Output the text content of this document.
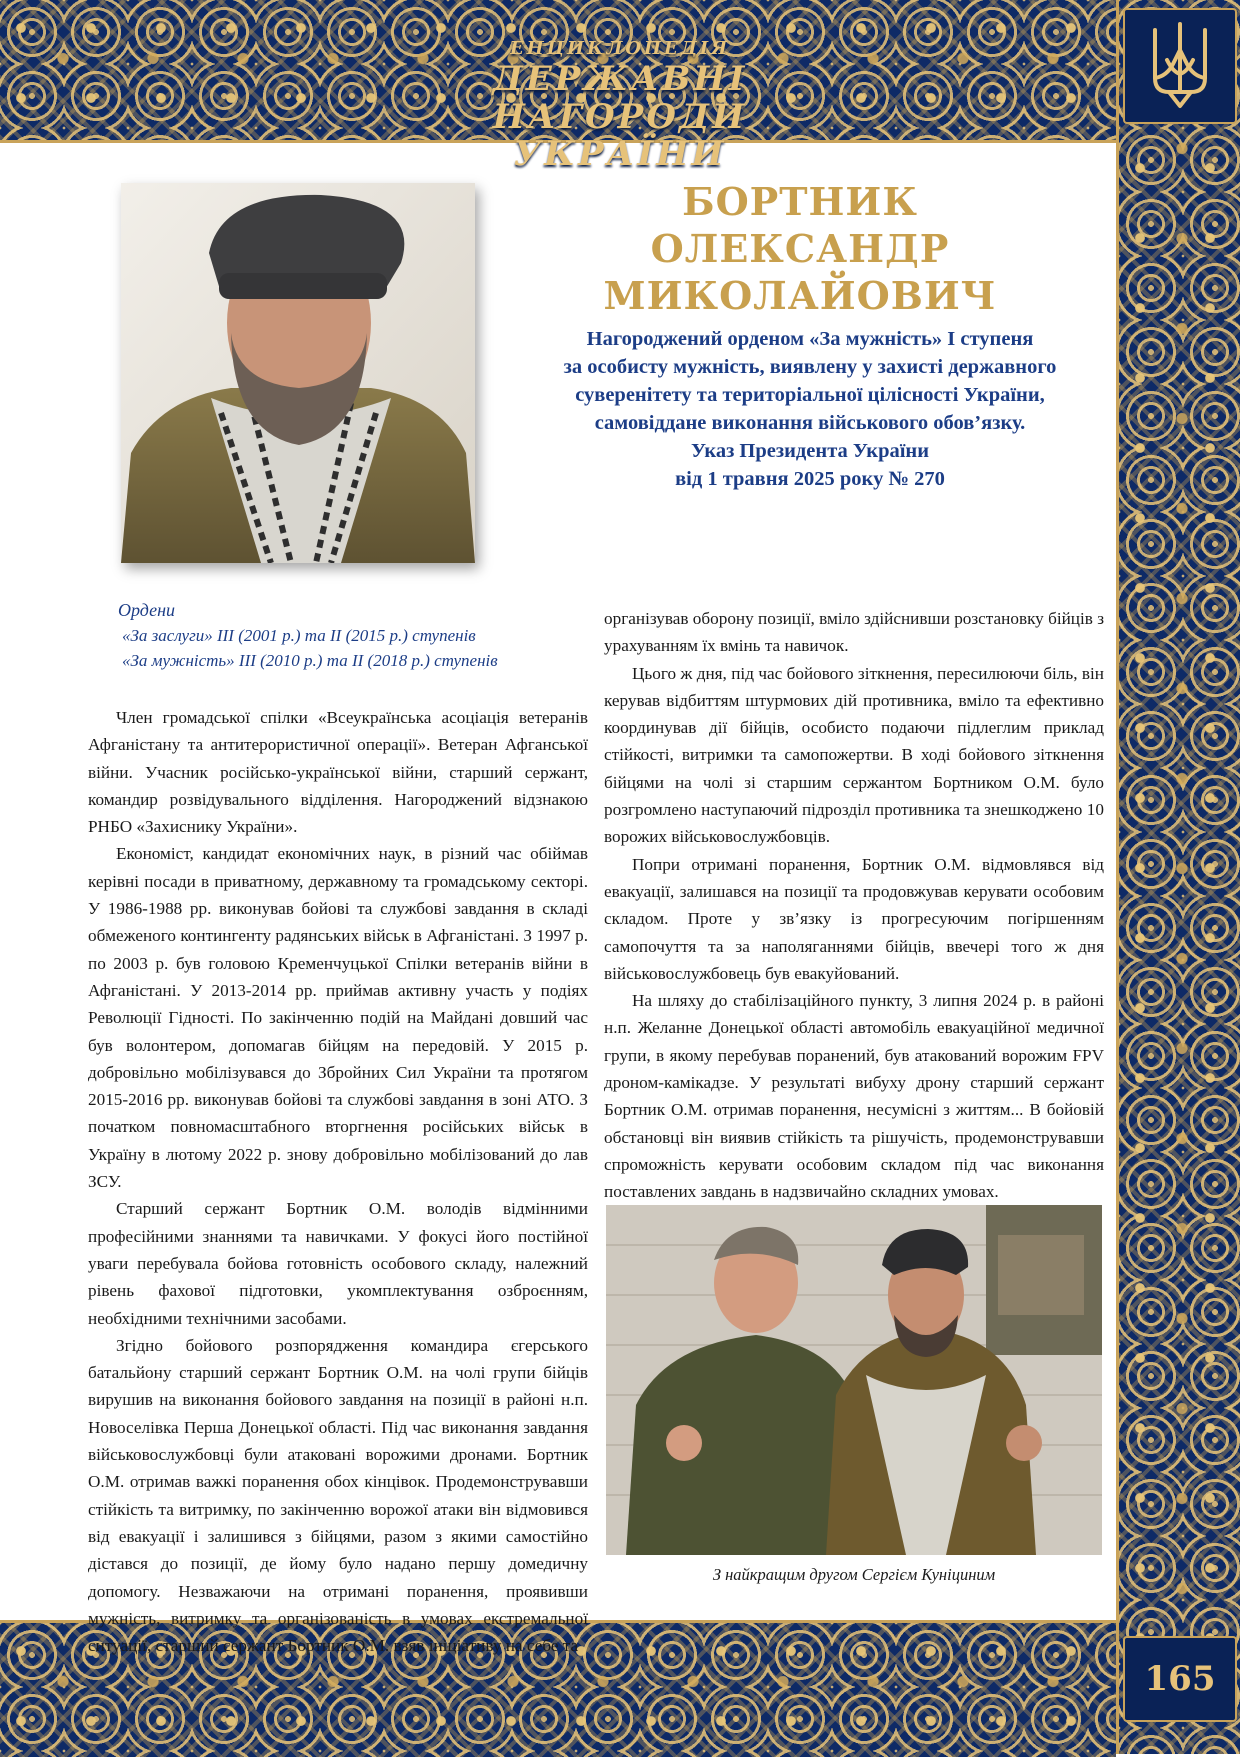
ЕНЦИКЛОПЕДІЯ
ДЕРЖАВНІ НАГОРОДИ
УКРАЇНИ
165
БОРТНИК
ОЛЕКСАНДР
МИКОЛАЙОВИЧ
Нагороджений орденом «За мужність» І ступеня
за особисту мужність, виявлену у захисті державного
суверенітету та територіальної цілісності України,
самовіддане виконання військового обов’язку.
Указ Президента України
від 1 травня 2025 року № 270
Ордени
«За заслуги» ІІІ (2001 р.) та ІІ (2015 р.) ступенів
«За мужність» ІІІ (2010 р.) та ІІ (2018 р.) ступенів

Член громадської спілки «Всеукраїнська асоціація ветеранів Афганістану та антитерористичної операції». Ветеран Афганської війни. Учасник російсько-української війни, старший сержант, командир розвідувального відділення. Нагороджений відзнакою РНБО «Захиснику України».

Економіст, кандидат економічних наук, в різний час обіймав керівні посади в приватному, державному та громадському секторі. У 1986-1988 рр. виконував бойові та службові завдання в складі обмеженого контингенту радянських військ в Афганістані. З 1997 р. по 2003 р. був головою Кременчуцької Спілки ветеранів війни в Афганістані. У 2013-2014 рр. приймав активну участь у подіях Революції Гідності. По закінченню подій на Майдані довший час був волонтером, допомагав бійцям на передовій. У 2015 р. добровільно мобілізувався до Збройних Сил України та протягом 2015-2016 рр. виконував бойові та службові завдання в зоні АТО. З початком повномасштабного вторгнення російських військ в Україну в лютому 2022 р. знову добровільно мобілізований до лав ЗСУ.

Старший сержант Бортник О.М. володів відмінними професійними знаннями та навичками. У фокусі його постійної уваги перебувала бойова готовність особового складу, належний рівень фахової підготовки, укомплектування озброєнням, необхідними технічними засобами.

Згідно бойового розпорядження командира єгерського батальйону старший сержант Бортник О.М. на чолі групи бійців вирушив на виконання бойового завдання на позиції в районі н.п. Новоселівка Перша Донецької області. Під час виконання завдання військовослужбовці були атаковані ворожими дронами. Бортник О.М. отримав важкі поранення обох кінцівок. Продемонструвавши стійкість та витримку, по закінченню ворожої атаки він відмовився від евакуації і залишився з бійцями, разом з якими самостійно дістався до позиції, де йому було надано першу домедичну допомогу. Незважаючи на отримані поранення, проявивши мужність, витримку та організованість в умовах екстремальної ситуації, старший сержант Бортник О.М. взяв ініціативу на себе та

організував оборону позиції, вміло здійснивши розстановку бійців з урахуванням їх вмінь та навичок.

Цього ж дня, під час бойового зіткнення, пересилюючи біль, він керував відбиттям штурмових дій противника, вміло та ефективно координував дії бійців, особисто подаючи підлеглим приклад стійкості, витримки та самопожертви. В ході бойового зіткнення бійцями на чолі зі старшим сержантом Бортником О.М. було розгромлено наступаючий підрозділ противника та знешкоджено 10 ворожих військовослужбовців.

Попри отримані поранення, Бортник О.М. відмовлявся від евакуації, залишався на позиції та продовжував керувати особовим складом. Проте у зв’язку із прогресуючим погіршенням самопочуття та за наполяганнями бійців, ввечері того ж дня військовослужбовець був евакуйований.

На шляху до стабілізаційного пункту, 3 липня 2024 р. в районі н.п. Желанне Донецької області автомобіль евакуаційної медичної групи, в якому перебував поранений, був атакований ворожим FPV дроном-камікадзе. У результаті вибуху дрону старший сержант Бортник О.М. отримав поранення, несумісні з життям... В бойовій обстановці він виявив стійкість та рішучість, продемонструвавши спроможність керувати особовим складом під час виконання поставлених завдань в надзвичайно складних умовах.

З найкращим другом Сергієм Куніциним
